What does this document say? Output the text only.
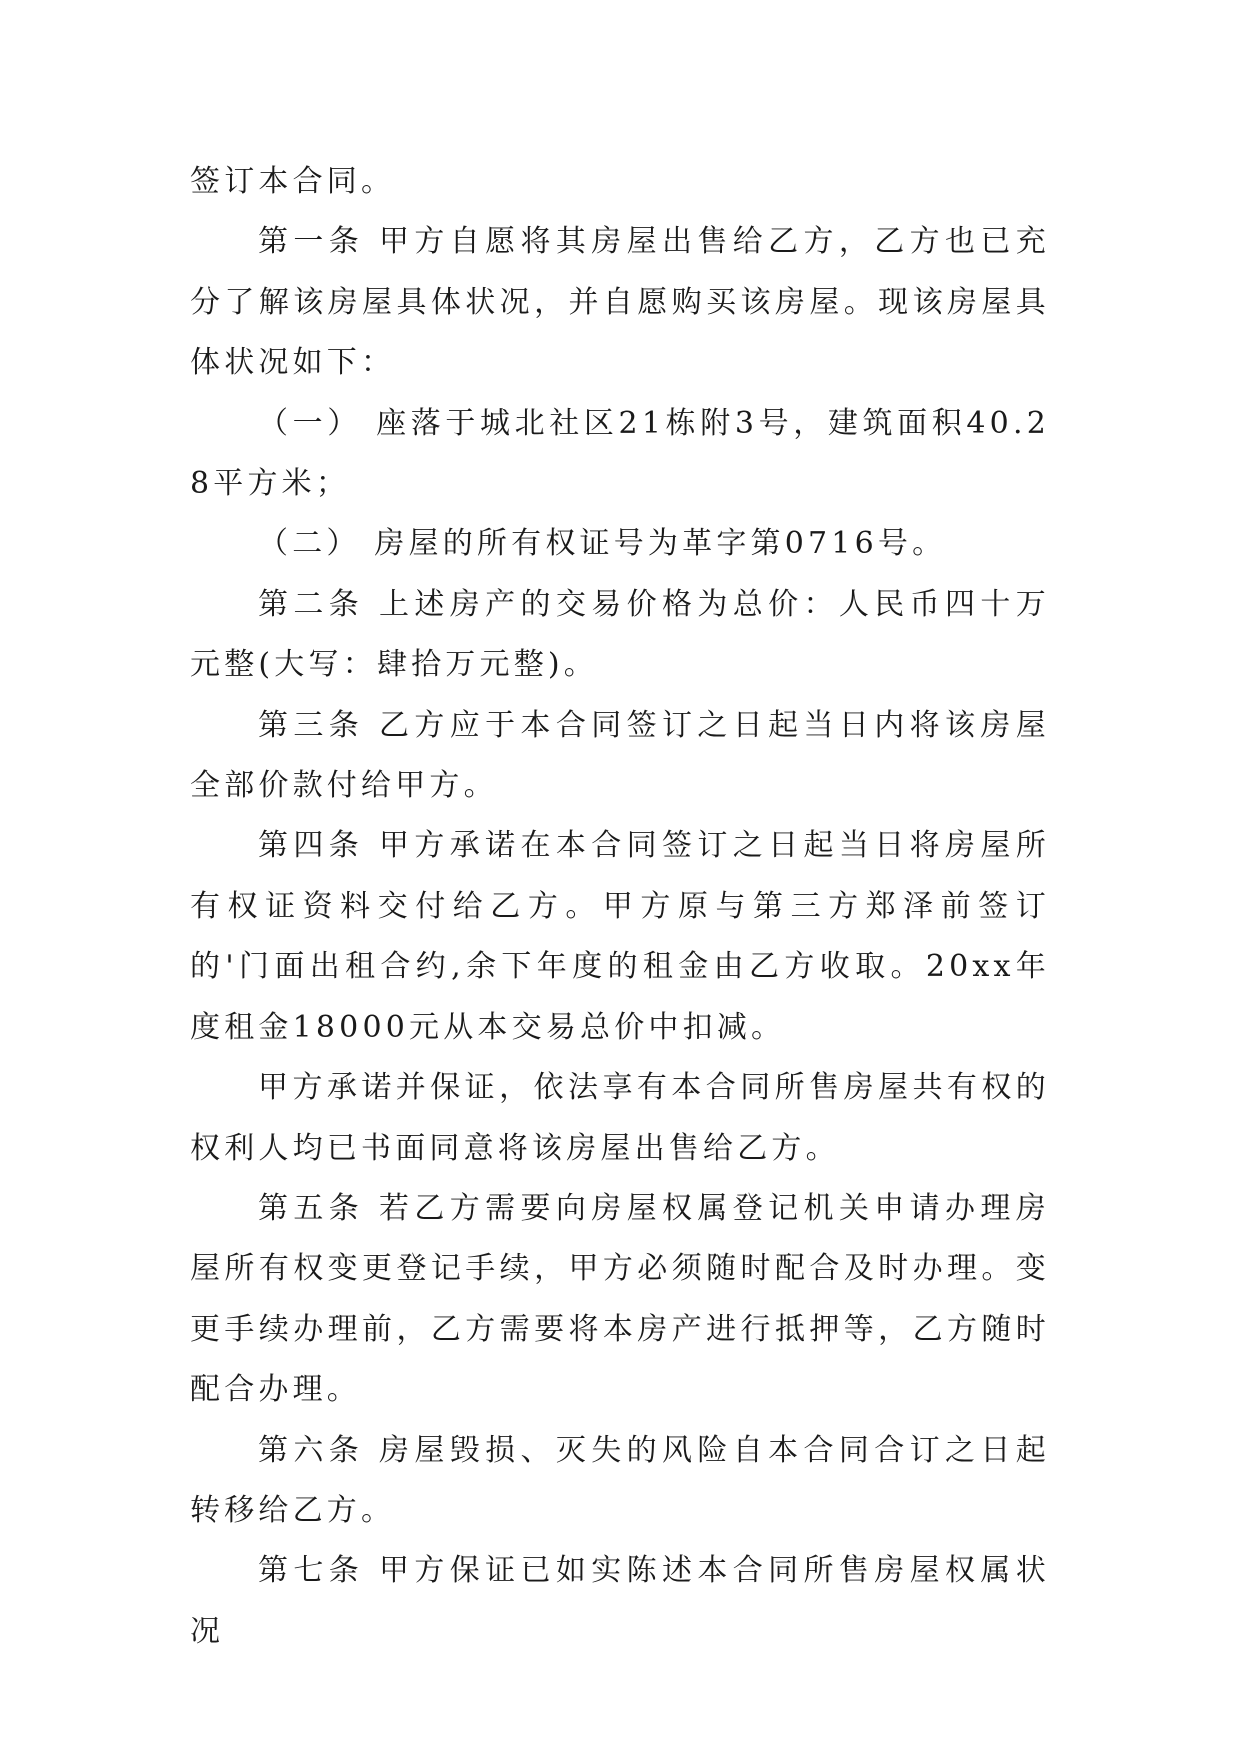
签订本合同。

第一条 甲方自愿将其房屋出售给乙方，乙方也已充分了解该房屋具体状况，并自愿购买该房屋。现该房屋具体状况如下：

（一） 座落于城北社区21栋附3号，建筑面积40.28平方米；

（二） 房屋的所有权证号为革字第0716号。

第二条 上述房产的交易价格为总价：人民币四十万元整(大写：肆拾万元整)。

第三条 乙方应于本合同签订之日起当日内将该房屋全部价款付给甲方。

第四条 甲方承诺在本合同签订之日起当日将房屋所有权证资料交付给乙方。甲方原与第三方郑泽前签订的'门面出租合约,余下年度的租金由乙方收取。20xx年度租金18000元从本交易总价中扣减。

甲方承诺并保证，依法享有本合同所售房屋共有权的权利人均已书面同意将该房屋出售给乙方。

第五条 若乙方需要向房屋权属登记机关申请办理房屋所有权变更登记手续，甲方必须随时配合及时办理。变更手续办理前，乙方需要将本房产进行抵押等，乙方随时配合办理。

第六条 房屋毁损、灭失的风险自本合同合订之日起转移给乙方。

第七条 甲方保证已如实陈述本合同所售房屋权属状况
